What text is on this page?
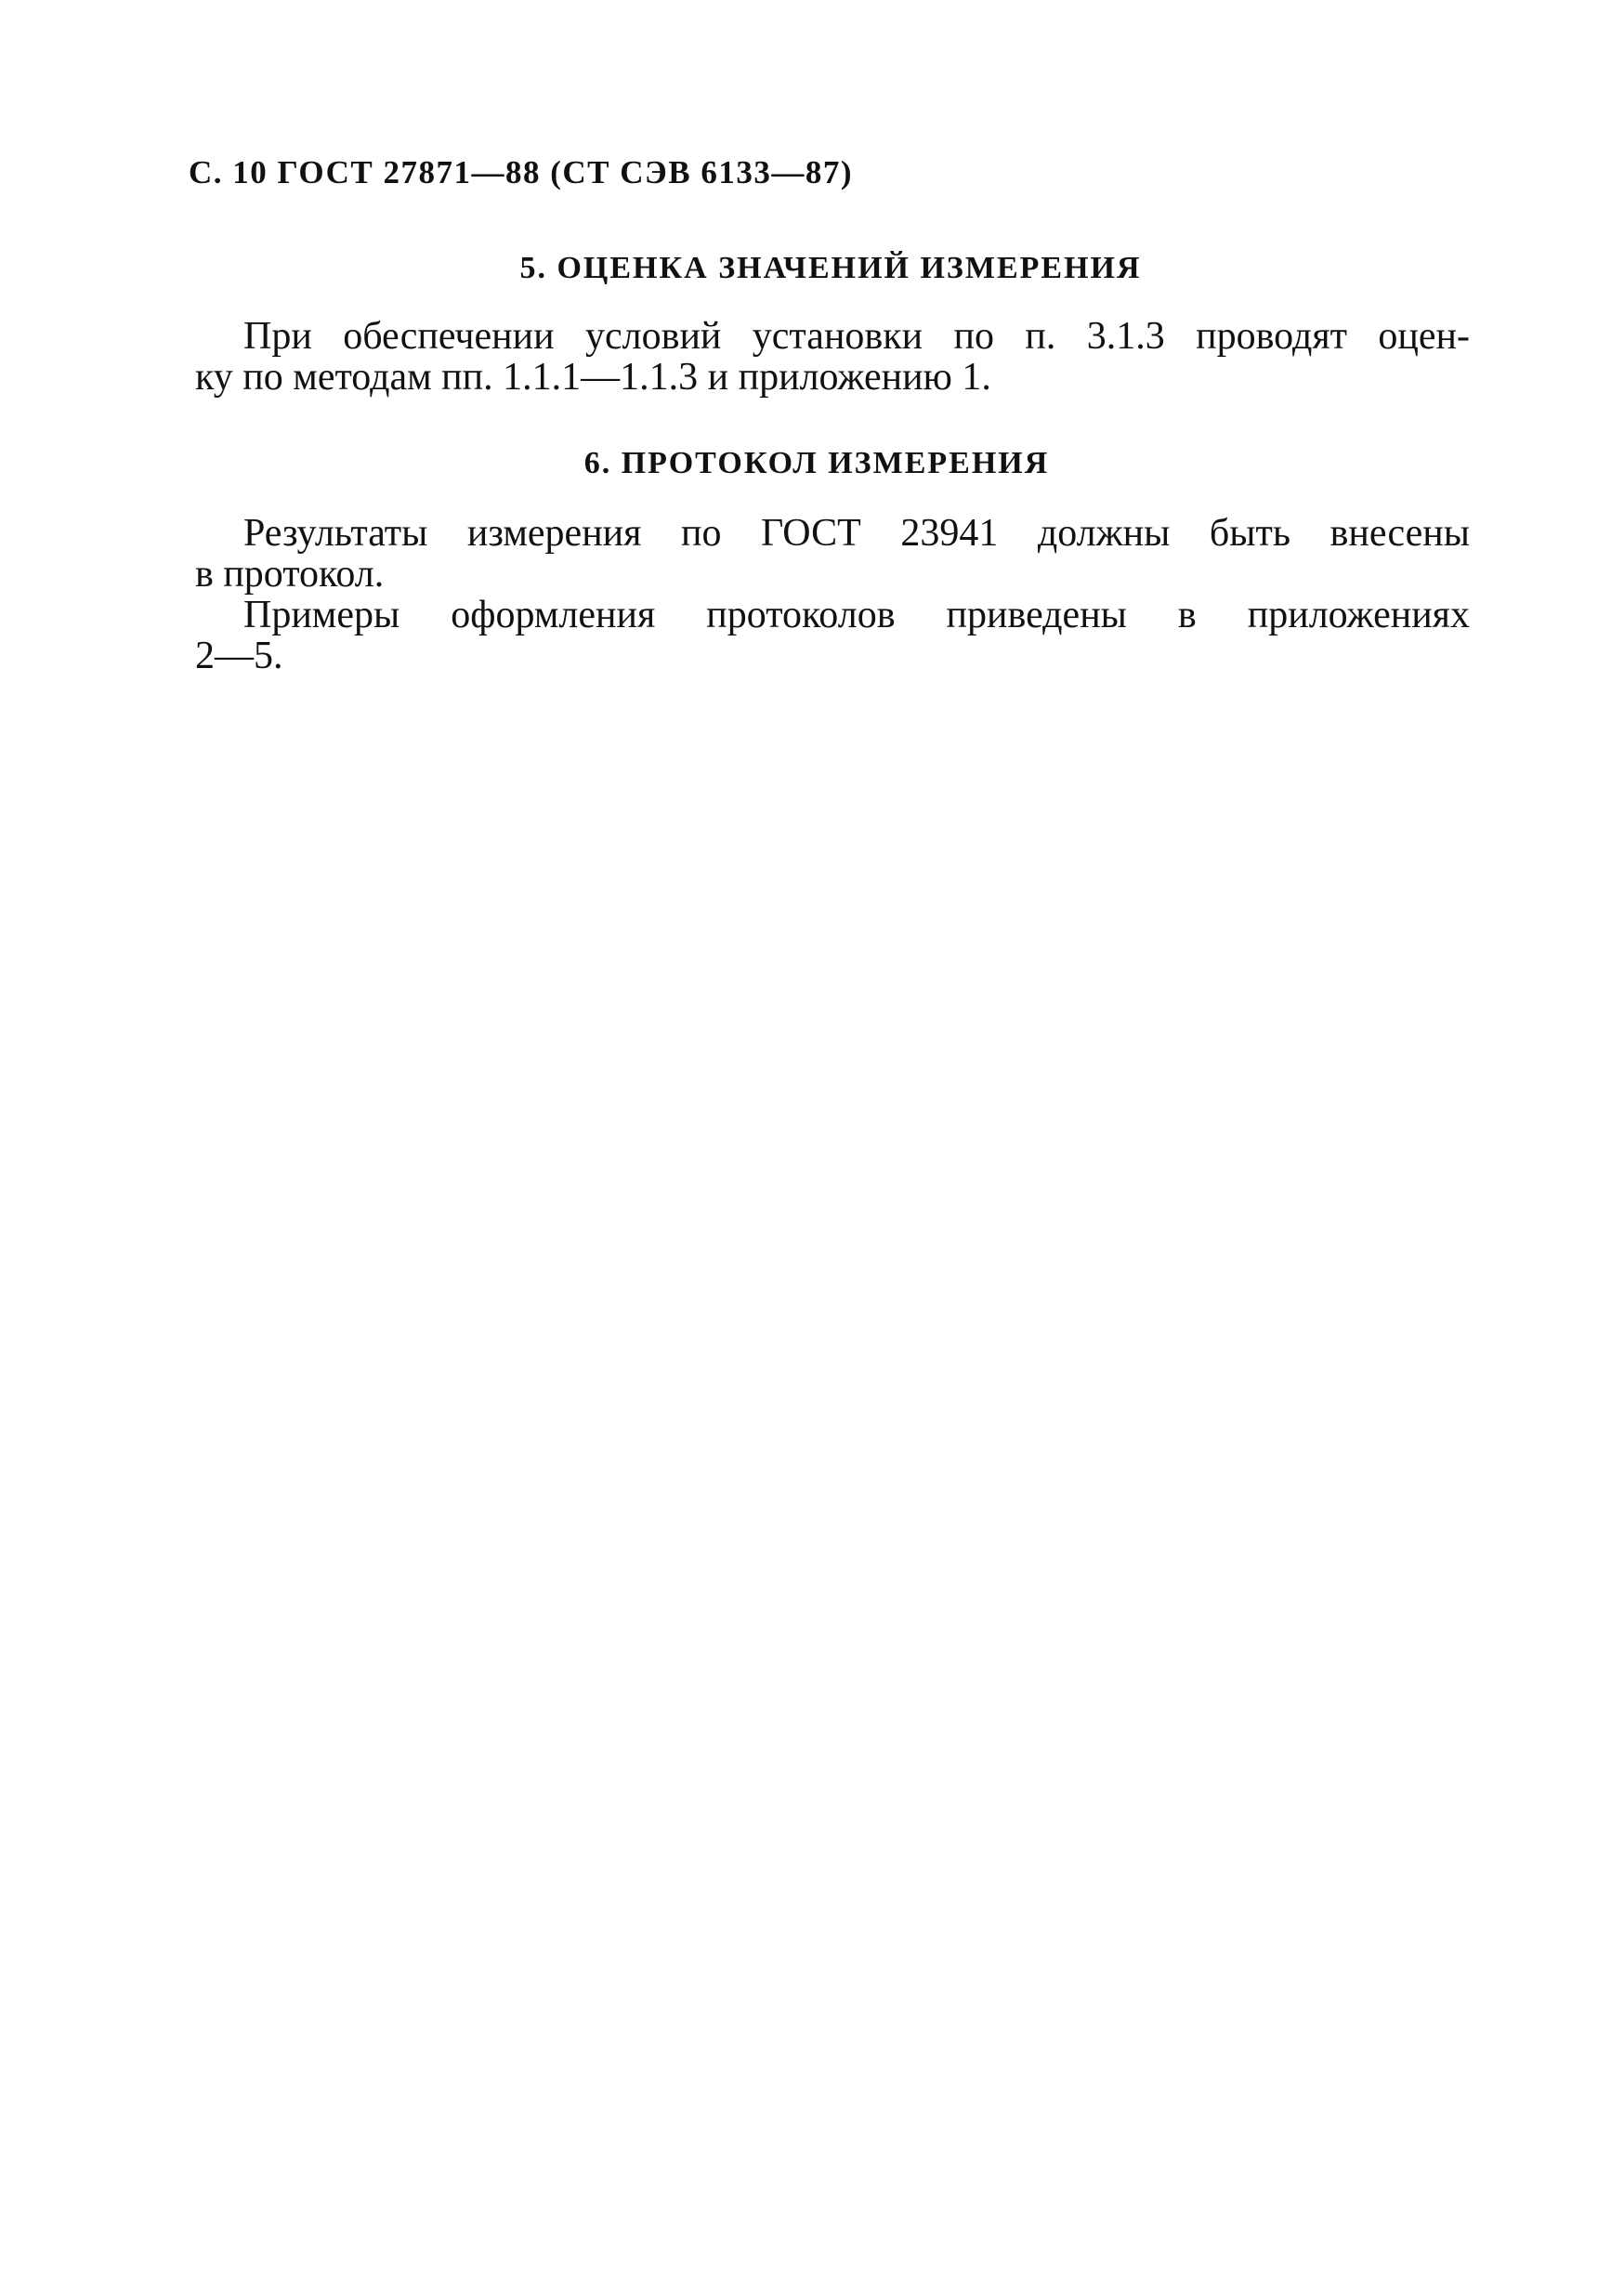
С. 10 ГОСТ 27871—88 (СТ СЭВ 6133—87)
5. ОЦЕНКА ЗНАЧЕНИЙ ИЗМЕРЕНИЯ
При обеспечении условий установки по п. 3.1.3 проводят оцен-
ку по методам пп. 1.1.1—1.1.3 и приложению 1.
6. ПРОТОКОЛ ИЗМЕРЕНИЯ
Результаты измерения по ГОСТ 23941 должны быть внесены
в протокол.
Примеры оформления протоколов приведены в приложениях
2—5.
